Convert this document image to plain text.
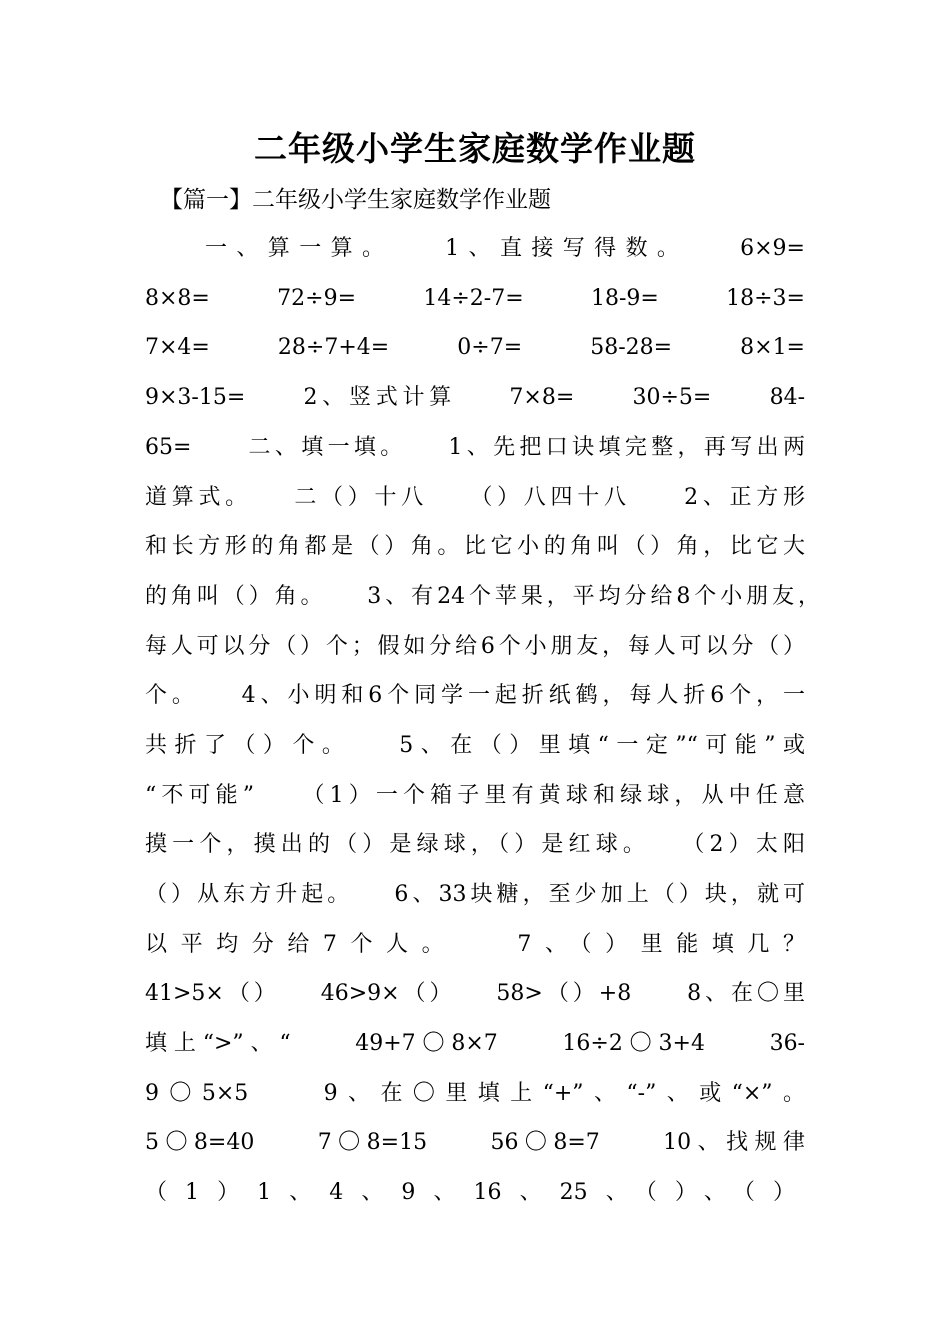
二年级小学生家庭数学作业题
【篇一】二年级小学生家庭数学作业题
一、算一算。　　1、直接写得数。　　6×9=
8×8=　　72÷9=　　14÷2-7=　　18-9=　　18÷3=
7×4=　　28÷7+4=　　0÷7=　　58-28=　　8×1=
9×3-15=　　2、竖式计算　　7×8=　　30÷5=　　84-
65=　　二、填一填。　　1、先把口诀填完整，再写出两
道算式。　　二（）十八　　（）八四十八　　2、正方形
和长方形的角都是（）角。比它小的角叫（）角，比它大
的角叫（）角。　　3、有24个苹果，平均分给8个小朋友，
每人可以分（）个；假如分给6个小朋友，每人可以分（）
个。　　4、小明和6个同学一起折纸鹤，每人折6个，一
共折了（）个。　　5、在（）里填“一定”“可能”或
“不可能”　　（1）一个箱子里有黄球和绿球，从中任意
摸一个，摸出的（）是绿球，（）是红球。　　（2）太阳
（）从东方升起。　　6、33块糖，至少加上（）块，就可
以平均分给7个人。　　7、（）里能填几？
41>5×（）　　46>9×（）　　58>（）+8　　8、在〇里
填上“>”、“　　49+7〇8×7　　16÷2〇3+4　　36-
9〇5×5　　9、在〇里填上“+”、“-”、或“×”。
5〇8=40　　7〇8=15　　56〇8=7　　10、找规律
（1）1、4、9、16、25、（）、（）
